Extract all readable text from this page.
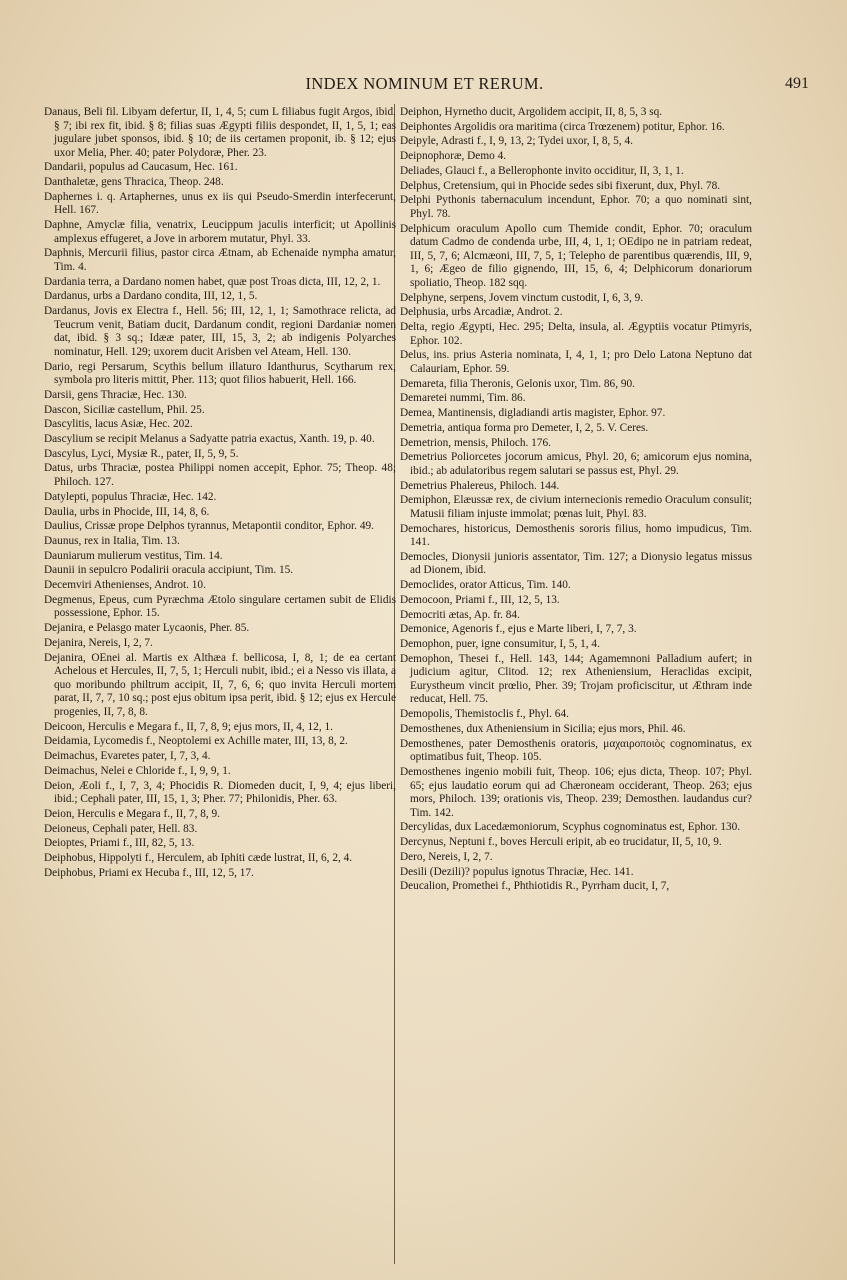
INDEX NOMINUM ET RERUM.	491

Danaus, Beli fil. Libyam defertur, II, 1, 4, 5; cum L filiabus fugit Argos, ibid. § 7; ibi rex fit, ibid. § 8; filias suas Ægypti filiis despondet, II, 1, 5, 1; eas jugulare jubet sponsos, ibid. § 10; de iis certamen proponit, ib. § 12; ejus uxor Melia, Pher. 40; pater Polydoræ, Pher. 23.

Dandarii, populus ad Caucasum, Hec. 161.

Danthaletæ, gens Thracica, Theop. 248.

Daphernes i. q. Artaphernes, unus ex iis qui Pseudo-Smerdin interfecerunt, Hell. 167.

Daphne, Amyclæ filia, venatrix, Leucippum jaculis interficit; ut Apollinis amplexus effugeret, a Jove in arborem mutatur, Phyl. 33.

Daphnis, Mercurii filius, pastor circa Ætnam, ab Echenaide nympha amatur, Tim. 4.

Dardania terra, a Dardano nomen habet, quæ post Troas dicta, III, 12, 2, 1.

Dardanus, urbs a Dardano condita, III, 12, 1, 5.

Dardanus, Jovis ex Electra f., Hell. 56; III, 12, 1, 1; Samothrace relicta, ad Teucrum venit, Batiam ducit, Dardanum condit, regioni Dardaniæ nomen dat, ibid. § 3 sq.; Idææ pater, III, 15, 3, 2; ab indigenis Polyarches nominatur, Hell. 129; uxorem ducit Arisben vel Ateam, Hell. 130.

Dario, regi Persarum, Scythis bellum illaturo Idanthurus, Scytharum rex, symbola pro literis mittit, Pher. 113; quot filios habuerit, Hell. 166.

Darsii, gens Thraciæ, Hec. 130.

Dascon, Siciliæ castellum, Phil. 25.

Dascylitis, lacus Asiæ, Hec. 202.

Dascylium se recipit Melanus a Sadyatte patria exactus, Xanth. 19, p. 40.

Dascylus, Lyci, Mysiæ R., pater, II, 5, 9, 5.

Datus, urbs Thraciæ, postea Philippi nomen accepit, Ephor. 75; Theop. 48; Philoch. 127.

Datylepti, populus Thraciæ, Hec. 142.

Daulia, urbs in Phocide, III, 14, 8, 6.

Daulius, Crissæ prope Delphos tyrannus, Metapontii conditor, Ephor. 49.

Daunus, rex in Italia, Tim. 13.

Dauniarum mulierum vestitus, Tim. 14.

Daunii in sepulcro Podalirii oracula accipiunt, Tim. 15.

Decemviri Athenienses, Androt. 10.

Degmenus, Epeus, cum Pyræchma Ætolo singulare certamen subit de Elidis possessione, Ephor. 15.

Dejanira, e Pelasgo mater Lycaonis, Pher. 85.

Dejanira, Nereis, I, 2, 7.

Dejanira, OEnei al. Martis ex Althæa f. bellicosa, I, 8, 1; de ea certant Achelous et Hercules, II, 7, 5, 1; Herculi nubit, ibid.; ei a Nesso vis illata, a quo moribundo philtrum accipit, II, 7, 6, 6; quo invita Herculi mortem parat, II, 7, 7, 10 sq.; post ejus obitum ipsa perit, ibid. § 12; ejus ex Hercule progenies, II, 7, 8, 8.

Deicoon, Herculis e Megara f., II, 7, 8, 9; ejus mors, II, 4, 12, 1.

Deidamia, Lycomedis f., Neoptolemi ex Achille mater, III, 13, 8, 2.

Deimachus, Evaretes pater, I, 7, 3, 4.

Deimachus, Nelei e Chloride f., I, 9, 9, 1.

Deion, Æoli f., I, 7, 3, 4; Phocidis R. Diomeden ducit, I, 9, 4; ejus liberi, ibid.; Cephali pater, III, 15, 1, 3; Pher. 77; Philonidis, Pher. 63.

Deion, Herculis e Megara f., II, 7, 8, 9.

Deioneus, Cephali pater, Hell. 83.

Deioptes, Priami f., III, 82, 5, 13.

Deiphobus, Hippolyti f., Herculem, ab Iphiti cæde lustrat, II, 6, 2, 4.

Deiphobus, Priami ex Hecuba f., III, 12, 5, 17.

Deiphon, Hyrnetho ducit, Argolidem accipit, II, 8, 5, 3 sq.

Deiphontes Argolidis ora maritima (circa Trœzenem) potitur, Ephor. 16.

Deipyle, Adrasti f., I, 9, 13, 2; Tydei uxor, I, 8, 5, 4.

Deipnophoræ, Demo 4.

Deliades, Glauci f., a Bellerophonte invito occiditur, II, 3, 1, 1.

Delphus, Cretensium, qui in Phocide sedes sibi fixerunt, dux, Phyl. 78.

Delphi Pythonis tabernaculum incendunt, Ephor. 70; a quo nominati sint, Phyl. 78.

Delphicum oraculum Apollo cum Themide condit, Ephor. 70; oraculum datum Cadmo de condenda urbe, III, 4, 1, 1; OEdipo ne in patriam redeat, III, 5, 7, 6; Alcmæoni, III, 7, 5, 1; Telepho de parentibus quærendis, III, 9, 1, 6; Ægeo de filio gignendo, III, 15, 6, 4; Delphicorum donariorum spoliatio, Theop. 182 sqq.

Delphyne, serpens, Jovem vinctum custodit, I, 6, 3, 9.

Delphusia, urbs Arcadiæ, Androt. 2.

Delta, regio Ægypti, Hec. 295; Delta, insula, al. Ægyptiis vocatur Ptimyris, Ephor. 102.

Delus, ins. prius Asteria nominata, I, 4, 1, 1; pro Delo Latona Neptuno dat Calauriam, Ephor. 59.

Demareta, filia Theronis, Gelonis uxor, Tim. 86, 90.

Demaretei nummi, Tim. 86.

Demea, Mantinensis, digladiandi artis magister, Ephor. 97.

Demetria, antiqua forma pro Demeter, I, 2, 5. V. Ceres.

Demetrion, mensis, Philoch. 176.

Demetrius Poliorcetes jocorum amicus, Phyl. 20, 6; amicorum ejus nomina, ibid.; ab adulatoribus regem salutari se passus est, Phyl. 29.

Demetrius Phalereus, Philoch. 144.

Demiphon, Elæussæ rex, de civium internecionis remedio Oraculum consulit; Matusii filiam injuste immolat; pœnas luit, Phyl. 83.

Demochares, historicus, Demosthenis sororis filius, homo impudicus, Tim. 141.

Democles, Dionysii junioris assentator, Tim. 127; a Dionysio legatus missus ad Dionem, ibid.

Democlides, orator Atticus, Tim. 140.

Democoon, Priami f., III, 12, 5, 13.

Democriti ætas, Ap. fr. 84.

Demonice, Agenoris f., ejus e Marte liberi, I, 7, 7, 3.

Demophon, puer, igne consumitur, I, 5, 1, 4.

Demophon, Thesei f., Hell. 143, 144; Agamemnoni Palladium aufert; in judicium agitur, Clitod. 12; rex Atheniensium, Heraclidas excipit, Eurystheum vincit prœlio, Pher. 39; Trojam proficiscitur, ut Æthram inde reducat, Hell. 75.

Demopolis, Themistoclis f., Phyl. 64.

Demosthenes, dux Atheniensium in Sicilia; ejus mors, Phil. 46.

Demosthenes, pater Demosthenis oratoris, μαχαιροποιὸς cognominatus, ex optimatibus fuit, Theop. 105.

Demosthenes ingenio mobili fuit, Theop. 106; ejus dicta, Theop. 107; Phyl. 65; ejus laudatio eorum qui ad Chæroneam occiderant, Theop. 263; ejus mors, Philoch. 139; orationis vis, Theop. 239; Demosthen. laudandus cur? Tim. 142.

Dercylidas, dux Lacedæmoniorum, Scyphus cognominatus est, Ephor. 130.

Dercynus, Neptuni f., boves Herculi eripit, ab eo trucidatur, II, 5, 10, 9.

Dero, Nereis, I, 2, 7.

Desili (Dezili)? populus ignotus Thraciæ, Hec. 141.

Deucalion, Promethei f., Phthiotidis R., Pyrrham ducit, I, 7,
